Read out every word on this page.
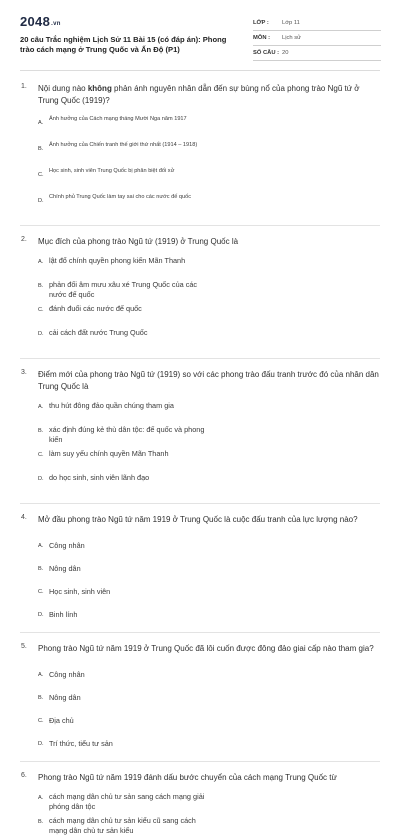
2048.vn
20 câu Trắc nghiệm Lịch Sử 11 Bài 15 (có đáp án): Phong trào cách mạng ở Trung Quốc và Ấn Độ (P1)
LỚP :	Lớp 11
MÔN :	Lịch sử
SỐ CÂU : 20
1. Nội dung nào không phản ánh nguyên nhân dẫn đến sự bùng nổ của phong trào Ngũ tứ ở Trung Quốc (1919)?
A.
Ảnh hưởng của Cách mạng tháng Mười Nga năm 1917
B.
Ảnh hưởng của Chiến tranh thế giới thứ nhất (1914 – 1918)
C.
Học sinh, sinh viên Trung Quốc bị phân biệt đối xử
D.
Chính phủ Trung Quốc làm tay sai cho các nước đế quốc
2. Mục đích của phong trào Ngũ tứ (1919) ở Trung Quốc là
A. lật đổ chính quyền phong kiến Mãn Thanh
B. phản đối âm mưu xâu xé Trung Quốc của các nước đế quốc
C. đánh đuổi các nước đế quốc
D. cải cách đất nước Trung Quốc
3. Điểm mới của phong trào Ngũ tứ (1919) so với các phong trào đấu tranh trước đó của nhân dân Trung Quốc là
A. thu hút đông đảo quần chúng tham gia
B. xác định đúng kẻ thù dân tộc: đế quốc và phong kiến
C. làm suy yếu chính quyền Mãn Thanh
D. do học sinh, sinh viên lãnh đạo
4. Mở đầu phong trào Ngũ tứ năm 1919 ở Trung Quốc là cuộc đấu tranh của lực lượng nào?
A. Công nhân
B. Nông dân
C. Học sinh, sinh viên
D. Binh lính
5. Phong trào Ngũ tứ năm 1919 ở Trung Quốc đã lôi cuốn được đông đảo giai cấp nào tham gia?
A. Công nhân
B. Nông dân
C. Địa chủ
D. Trí thức, tiểu tư sản
6. Phong trào Ngũ tứ năm 1919 đánh dấu bước chuyển của cách mạng Trung Quốc từ
A. cách mạng dân chủ tư sản sang cách mạng giải phóng dân tộc
B. cách mạng dân chủ tư sản kiểu cũ sang cách mạng dân chủ tư sản kiểu
